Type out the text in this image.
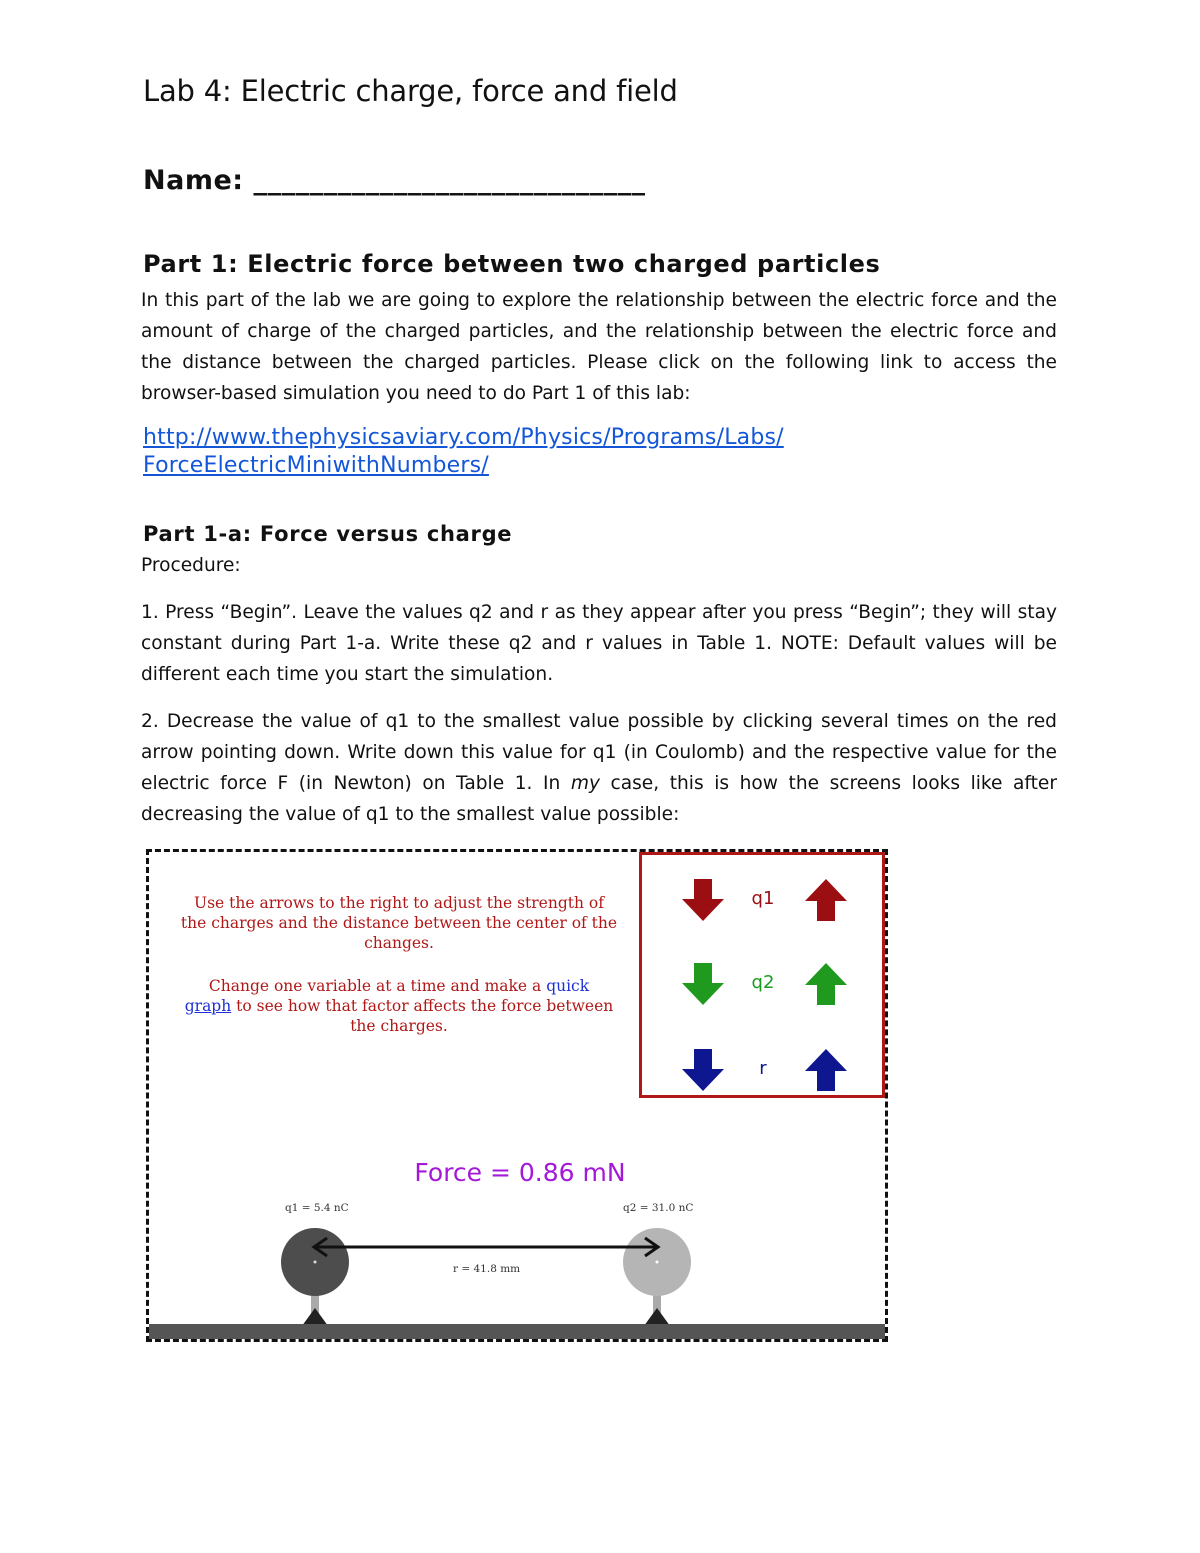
Lab 4: Electric charge, force and field
Name: ____________________________
Part 1: Electric force between two charged particles
In this part of the lab we are going to explore the relationship between the electric force and the amount of charge of the charged particles, and the relationship between the electric force and the distance between the charged particles. Please click on the following link to access the browser-based simulation you need to do Part 1 of this lab:
http://www.thephysicsaviary.com/Physics/Programs/Labs/
ForceElectricMiniwithNumbers/
Part 1-a: Force versus charge
Procedure:
1. Press “Begin”. Leave the values q2 and r as they appear after you press “Begin”; they will stay constant during Part 1-a. Write these q2 and r values in Table 1. NOTE: Default values will be different each time you start the simulation.
2. Decrease the value of q1 to the smallest value possible by clicking several times on the red arrow pointing down. Write down this value for q1 (in Coulomb) and the respective value for the electric force F (in Newton) on Table 1. In my case, this is how the screens looks like after decreasing the value of q1 to the smallest value possible:
Use the arrows to the right to adjust the strength of the charges and the distance between the center of the changes.
Change one variable at a time and make a quick
graph to see how that factor affects the force between the charges.
q1
q2
r
Force = 0.86 mN
q1 = 5.4 nC	q2 = 31.0 nC
r = 41.8 mm
